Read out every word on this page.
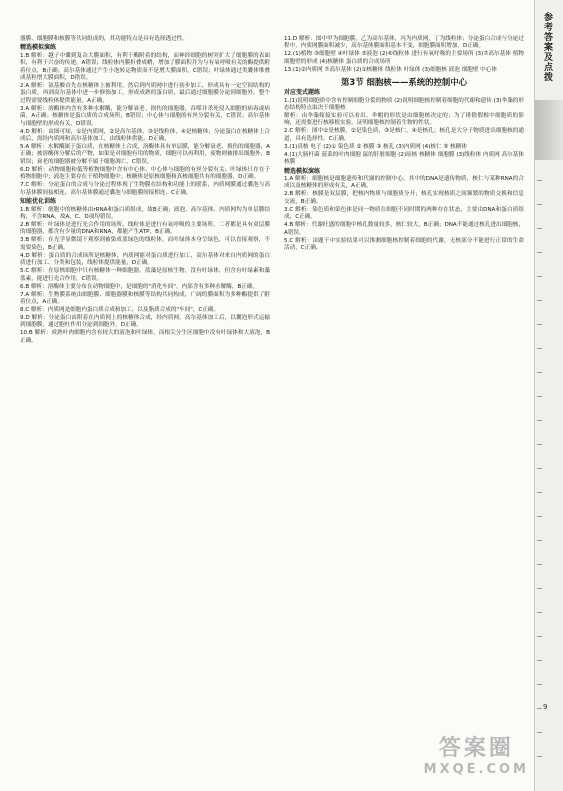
器膜、细胞膜和核膜等共同组成的，其功能特点是具有选择透过性。

精选模拟演练

1.B 解析：越子中囊到复杂大膜面积，有利于酶附着的结构，而神经细胞的树突扩大了细胞膜的表面积，有利于兴奋的传递，A错误；线粒体内膜折叠成嵴，增加了膜面积并为与有氧呼吸有关的酶提供附着位点，B正确；高尔基体通过产生小泡转运物质而不是增大膜面积，C错误；叶绿体通过类囊体堆叠成基粒增大膜面积，D错误。

2.A 解析：氨基酸首先在核糖体上被利用，然后到内质网中进行初步加工，形成具有一定空间结构的蛋白质，再到高尔基体中进一步修饰加工，形成成熟的蛋白质，最后通过细胞膜分泌到细胞外，整个过程需要线粒体提供能量，A正确。

3.A 解析：溶酶体内含有多种水解酶，能分解衰老、损伤的细胞器，吞噬并杀死侵入细胞的病毒或病菌，A正确；核糖体是蛋白质的合成场所，B错误；中心体与细胞的有丝分裂有关，C错误；高尔基体与细胞壁的形成有关，D错误。

4.D 解析：由图可知，①是内质网，②是高尔基体，③是线粒体，④是核糖体；分泌蛋白在核糖体上合成后，需经内质网和高尔基体加工，由线粒体供能，D正确。

5.A 解析：水解酶属于蛋白质，在核糖体上合成，溶酶体具有单层膜，能分解衰老、损伤的细胞器，A正确；被溶酶体分解后的产物，如果是对细胞有用的物质，细胞可以再利用，废物则被排出细胞外，B错误；衰老的细胞器被分解不属于细胞凋亡，C错误。

6.D 解析：动物细胞和低等植物细胞中含有中心体，中心体与细胞的有丝分裂有关；叶绿体只存在于植物细胞中；液泡主要存在于植物细胞中；核糖体是原核细胞和真核细胞共有的细胞器，D正确。

7.C 解析：分泌蛋白的合成与分泌过程体现了生物膜在结构和功能上的联系，内质网膜通过囊泡与高尔基体膜间接相连，高尔基体膜通过囊泡与细胞膜间接相连，C正确。

知能优化训练

1.B 解析：细胞中的核糖体由rRNA和蛋白质组成，故B正确；液泡、高尔基体、内质网均为单层膜结构，不含RNA，故A、C、D项均错误。

2.B 解析：叶绿体是进行光合作用的场所，线粒体是进行有氧呼吸的主要场所，二者都是具有双层膜的细胞器，都含有少量的DNA和RNA，都能产生ATP，B正确。

3.B 解析：在光学显微镜下观察到被染成蓝绿色的线粒体，而叶绿体本身呈绿色，可以直接观察，不需要染色，B正确。

4.D 解析：蛋白质的合成场所是核糖体，内质网能对蛋白质进行加工，高尔基体对来自内质网的蛋白质进行加工、分类和包装，线粒体提供能量，D正确。

5.C 解析：在原核细胞中只有核糖体一种细胞器，蓝藻是原核生物，没有叶绿体，但含有叶绿素和藻蓝素，能进行光合作用，C错误。

6.B 解析：溶酶体主要分布在动物细胞中，是细胞的"消化车间"，内部含有多种水解酶，B正确。

7.A 解析：生物膜系统由细胞膜、细胞器膜和核膜等结构共同构成，广阔的膜面积为多种酶提供了附着位点，A正确。

8.C 解析：内质网是细胞内蛋白质合成和加工，以及脂质合成的"车间"，C正确。

9.D 解析：分泌蛋白由附着在内质网上的核糖体合成，经内质网、高尔基体加工后，以囊泡形式运输到细胞膜，通过胞吐作用分泌到细胞外，D正确。

10.B 解析：成熟叶肉细胞内含有较大的液泡和叶绿体，而根尖分生区细胞中没有叶绿体和大液泡，B正确。

11.D 解析：图中甲为细胞膜，乙为高尔基体，丙为内质网，丁为线粒体；分泌蛋白合成与分泌过程中，内质网膜面积减少，高尔基体膜面积基本不变，细胞膜面积增加，D正确。

12.(1)植物 ③细胞壁 ④叶绿体 ⑤液泡 (2)⑥线粒体 进行有氧呼吸的主要场所 (3)⑦高尔基体 植物细胞壁的形成 (4)核糖体 蛋白质的合成场所

13.(1)②内质网 ⑦高尔基体 (2)①核糖体 线粒体 叶绿体 (3)细胞核 液泡 细胞壁 中心体

第3节 细胞核——系统的控制中心
对应变式题练

1.(1)说明细胞质中含有控制细胞分裂的物质 (2)说明细胞核控制着细胞的代谢和遗传 (3)伞藻的形态结构特点取决于细胞核

解析：由伞藻嫁接实验可以看出，伞帽的形状是由细胞核决定的；为了排除假根中细胞质的影响，还需要进行核移植实验，证明细胞核控制着生物的性状。

2.C 解析：图中①是核膜，②是染色质，③是核仁，④是核孔；核孔是大分子物质进出细胞核的通道，具有选择性，C正确。

3.(1)真核 电子 (2)① 染色质 ② 核膜 ③ 核孔 (3)内质网 (4)核仁 ⑤ 核糖体

4.(1)大肠杆菌 菠菜的叶肉细胞 鼠的肝脏细胞 (2)原核 核糖体 细胞膜 (3)线粒体 内质网 高尔基体 核膜

精选模拟演练

1.A 解析：细胞核是细胞遗传和代谢的控制中心，其中的DNA是遗传物质，核仁与某种RNA的合成以及核糖体的形成有关，A正确。

2.B 解析：核膜是双层膜，把核内物质与细胞质分开；核孔实现核质之间频繁的物质交换和信息交流，B正确。

3.C 解析：染色质和染色体是同一物质在细胞不同时期的两种存在状态，主要由DNA和蛋白质组成，C正确。

4.B 解析：代谢旺盛的细胞中核孔数量较多，核仁较大，B正确；DNA不能通过核孔进出细胞核，A错误。

5.C 解析：由题干中实验结果可以推测细胞核控制着细胞的代谢，无核部分不能进行正常的生命活动，C正确。

参考答案及点拨
9
答案圈
MXQE.COM
